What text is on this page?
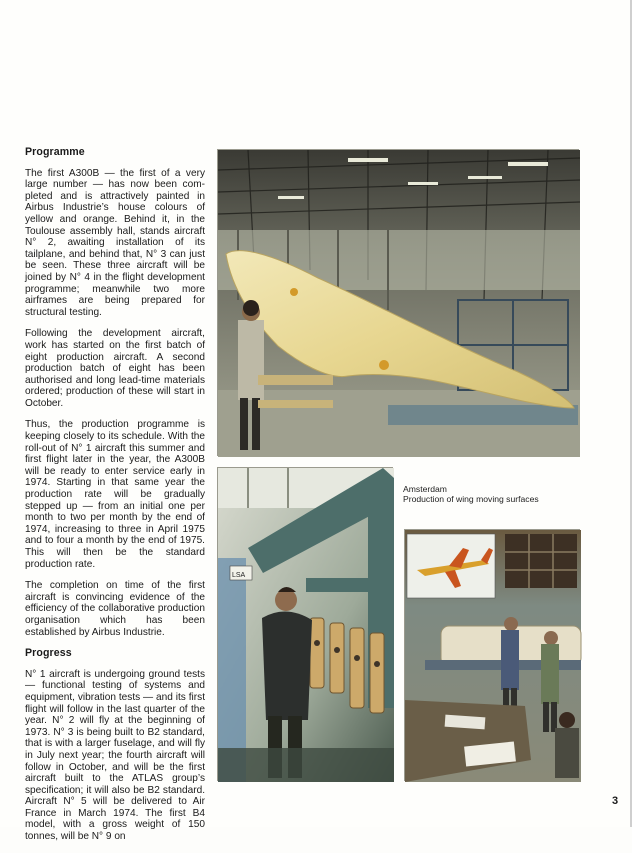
Programme

The first A300B — the first of a very large number — has now been completed and is attractively painted in Airbus Industrie’s house colours of yellow and orange. Behind it, in the Toulouse assembly hall, stands aircraft N° 2, awaiting installation of its tailplane, and behind that, N° 3 can just be seen. These three aircraft will be joined by N° 4 in the flight development programme; meanwhile two more airframes are being prepared for structural testing.

Following the development aircraft, work has started on the first batch of eight production aircraft. A second production batch of eight has been authorised and long lead-time materials ordered; production of these will start in October.

Thus, the production programme is keeping closely to its schedule. With the roll-out of N° 1 aircraft this summer and first flight later in the year, the A300B will be ready to enter service early in 1974. Starting in that same year the production rate will be gradually stepped up — from an initial one per month to two per month by the end of 1974, increasing to three in April 1975 and to four a month by the end of 1975. This will then be the standard production rate.

The completion on time of the first aircraft is convincing evidence of the efficiency of the collaborative production organisation which has been established by Airbus Industrie.

Progress

N° 1 aircraft is undergoing ground tests — functional testing of systems and equipment, vibration tests — and its first flight will follow in the last quarter of the year. N° 2 will fly at the beginning of 1973. N° 3 is being built to B2 standard, that is with a larger fuselage, and will fly in July next year; the fourth aircraft will follow in October, and will be the first aircraft built to the ATLAS group’s specification; it will also be B2 standard. Aircraft N° 5 will be delivered to Air France in March 1974. The first B4 model, with a gross weight of 150 tonnes, will be N° 9 on

LSA
Amsterdam
Production of wing moving surfaces
3
